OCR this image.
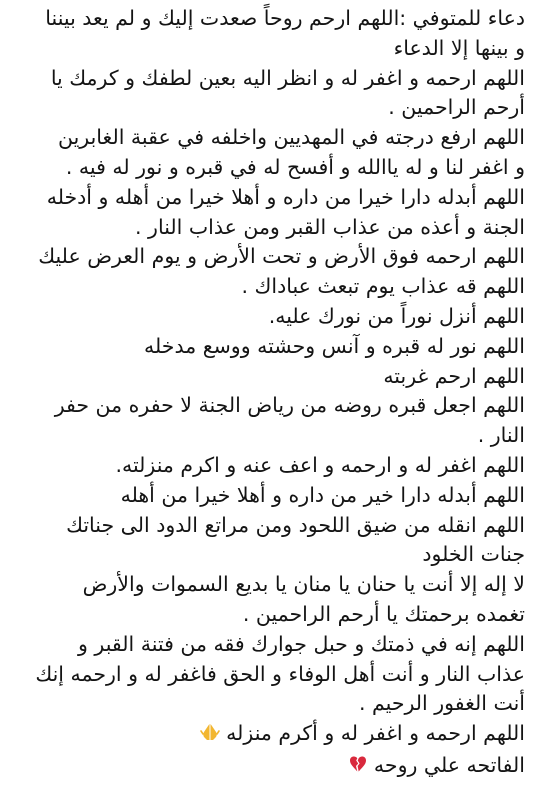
دعاء للمتوفي :اللهم ارحم روحاً صعدت إليك و لم يعد بيننا
و بينها إلا الدعاء
اللهم ارحمه و اغفر له و انظر اليه بعين لطفك و كرمك يا
أرحم الراحمين .
اللهم ارفع درجته في المهديين واخلفه في عقبة الغابرين
و اغفر لنا و له ياالله و أفسح له في قبره و نور له فيه .
اللهم أبدله دارا خيرا من داره و أهلا خيرا من أهله و أدخله
الجنة و أعذه من عذاب القبر ومن عذاب النار .
اللهم ارحمه فوق الأرض و تحت الأرض و يوم العرض عليك
اللهم قه عذاب يوم تبعث عباداك .
اللهم أنزل نوراً من نورك عليه.
اللهم نور له قبره و آنس وحشته ووسع مدخله
اللهم ارحم غربته
اللهم اجعل قبره روضه من رياض الجنة لا حفره من حفر
النار .
اللهم اغفر له و ارحمه و اعف عنه و اكرم منزلته.
اللهم أبدله دارا خير من داره و أهلا خيرا من أهله
اللهم انقله من ضيق اللحود ومن مراتع الدود الى جناتك
جنات الخلود
لا إله إلا أنت يا حنان يا منان يا بديع السموات والأرض
تغمده برحمتك يا أرحم الراحمين .
اللهم إنه في ذمتك و حبل جوارك فقه من فتنة القبر و
عذاب النار و أنت أهل الوفاء و الحق فاغفر له و ارحمه إنك
أنت الغفور الرحيم .
اللهم ارحمه و اغفر له و أكرم منزله
الفاتحه علي روحه
